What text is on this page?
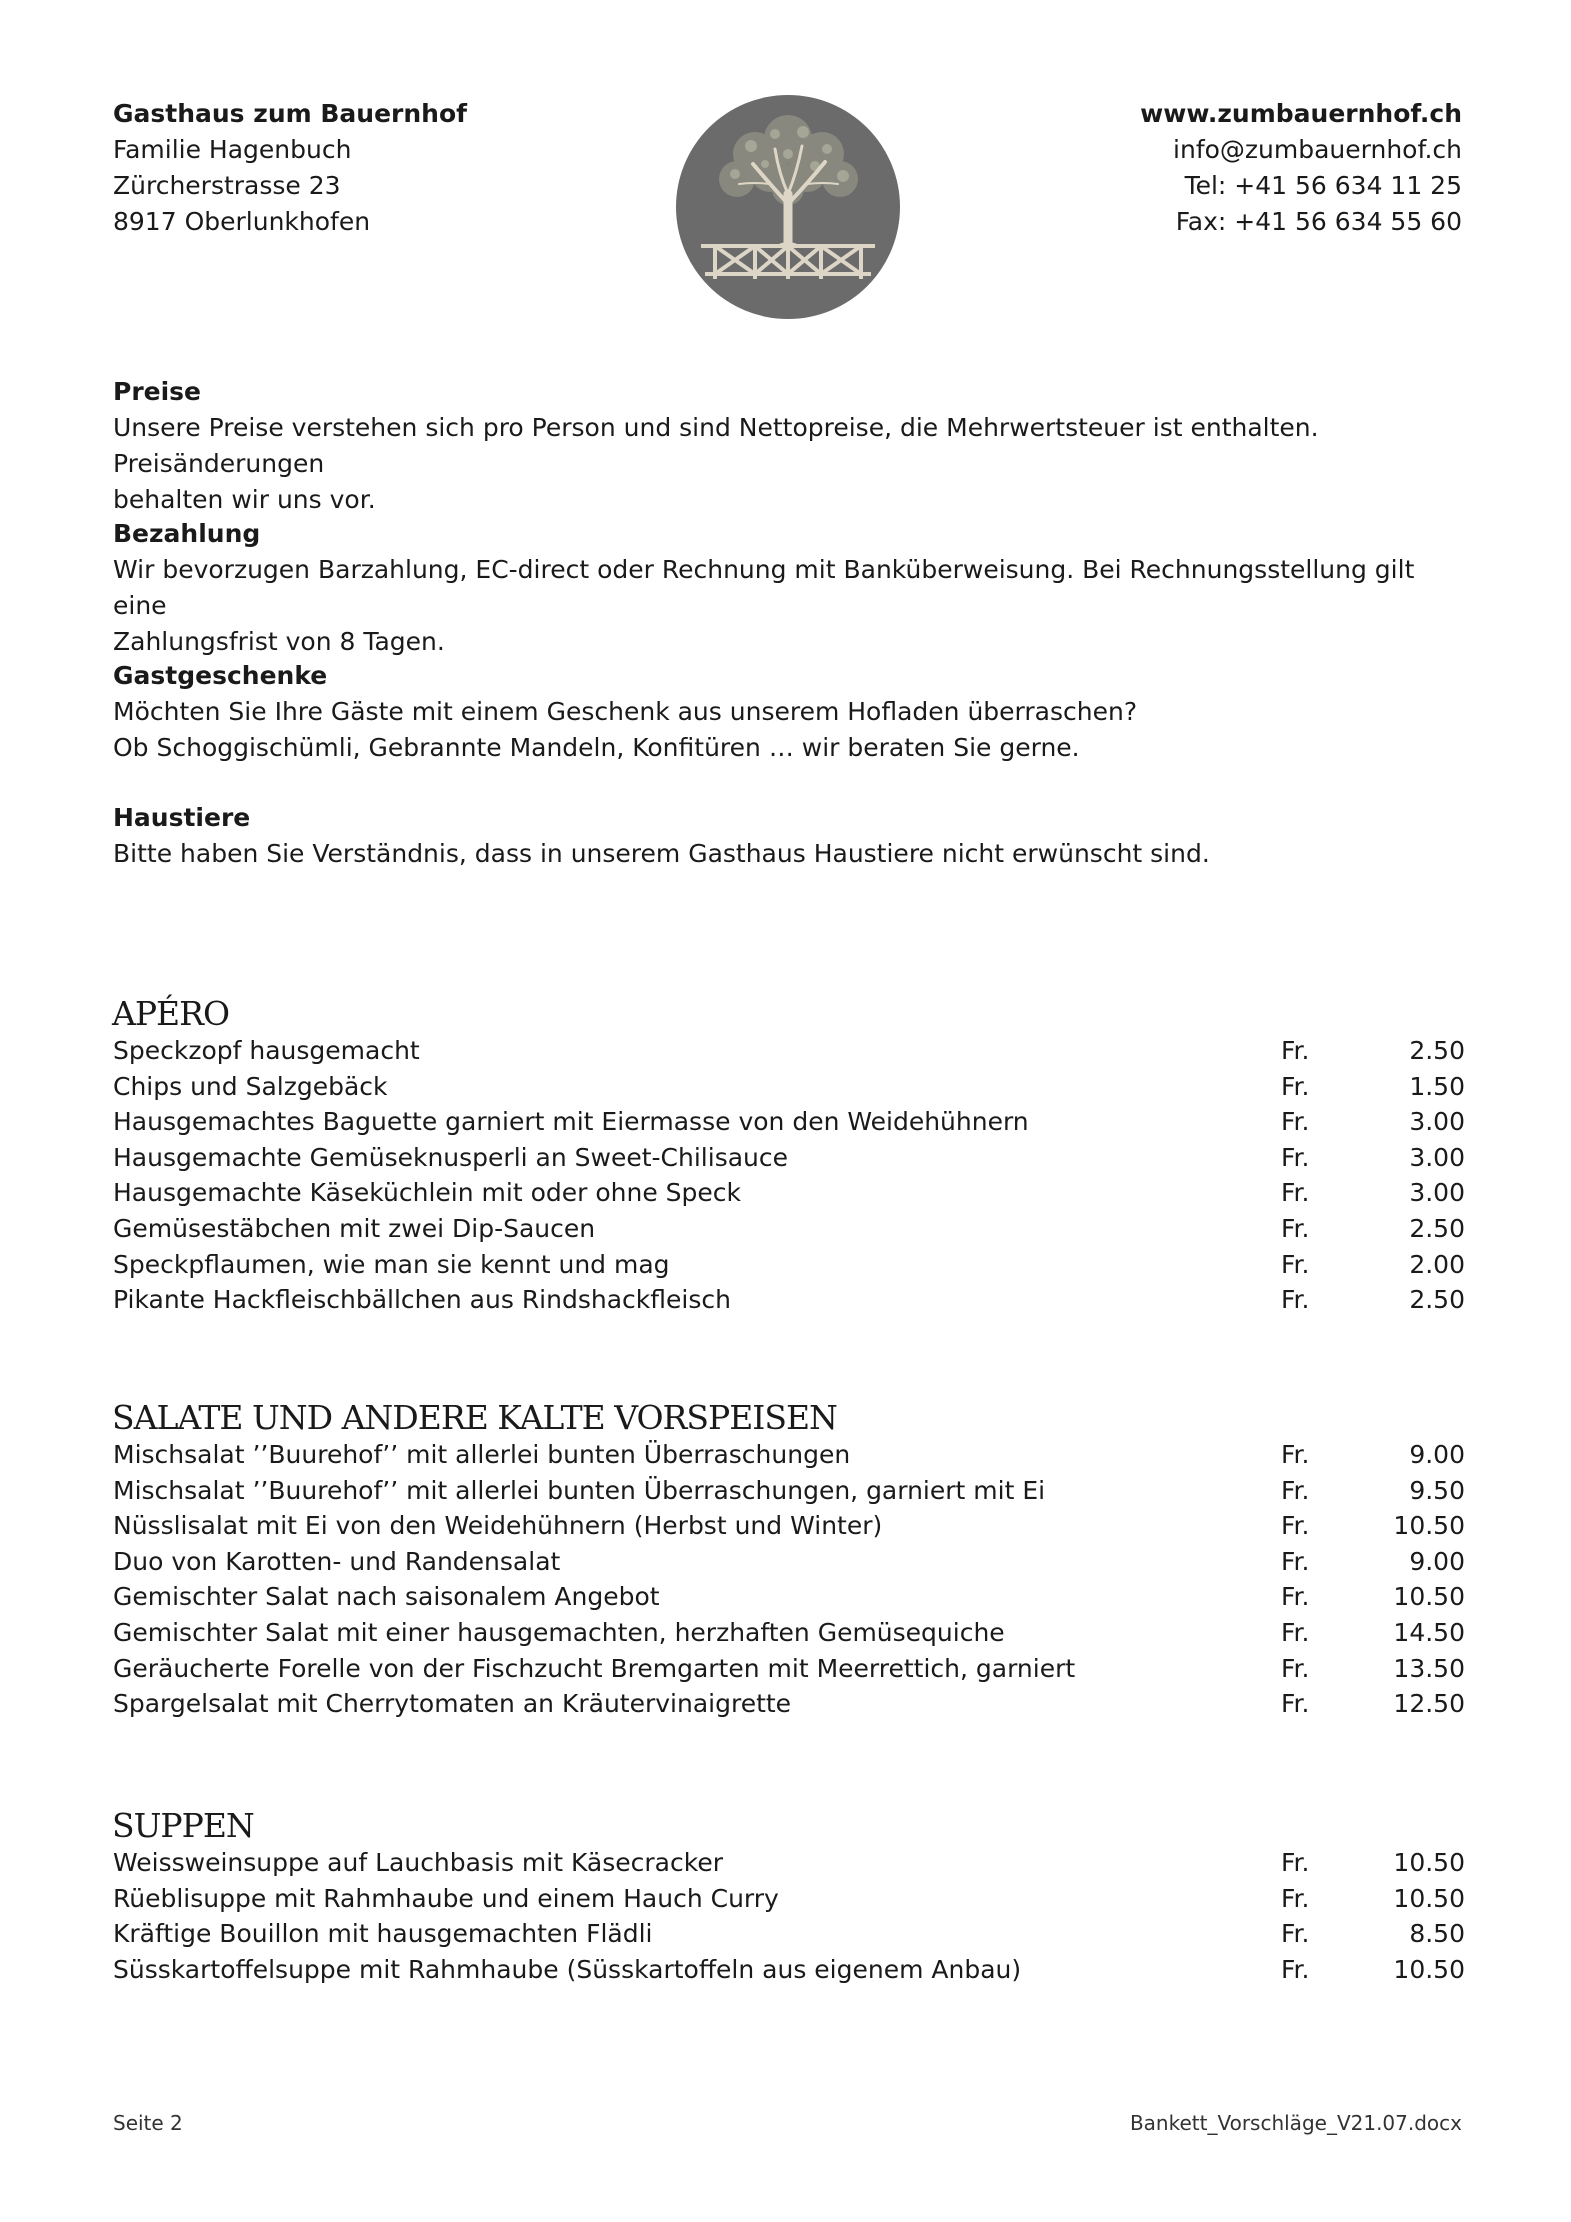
Gasthaus zum Bauernhof
Familie Hagenbuch
Zürcherstrasse 23
8917 Oberlunkhofen
www.zumbauernhof.ch
info@zumbauernhof.ch
Tel: +41 56 634 11 25
Fax: +41 56 634 55 60
Preise
Unsere Preise verstehen sich pro Person und sind Nettopreise, die Mehrwertsteuer ist enthalten. Preisänderungen
behalten wir uns vor.
Bezahlung
Wir bevorzugen Barzahlung, EC-direct oder Rechnung mit Banküberweisung. Bei Rechnungsstellung gilt eine
Zahlungsfrist von 8 Tagen.
Gastgeschenke
Möchten Sie Ihre Gäste mit einem Geschenk aus unserem Hofladen überraschen?
Ob Schoggischümli, Gebrannte Mandeln, Konfitüren … wir beraten Sie gerne.
Haustiere
Bitte haben Sie Verständnis, dass in unserem Gasthaus Haustiere nicht erwünscht sind.
APÉRO
Speckzopf hausgemacht	Fr.	2.50
Chips und Salzgebäck	Fr.	1.50
Hausgemachtes Baguette garniert mit Eiermasse von den Weidehühnern	Fr.	3.00
Hausgemachte Gemüseknusperli an Sweet-Chilisauce	Fr.	3.00
Hausgemachte Käseküchlein mit oder ohne Speck	Fr.	3.00
Gemüsestäbchen mit zwei Dip-Saucen	Fr.	2.50
Speckpflaumen, wie man sie kennt und mag	Fr.	2.00
Pikante Hackfleischbällchen aus Rindshackfleisch	Fr.	2.50
SALATE UND ANDERE KALTE VORSPEISEN
Mischsalat ’’Buurehof’’ mit allerlei bunten Überraschungen	Fr.	9.00
Mischsalat ’’Buurehof’’ mit allerlei bunten Überraschungen, garniert mit Ei	Fr.	9.50
Nüsslisalat mit Ei von den Weidehühnern (Herbst und Winter)	Fr.	10.50
Duo von Karotten- und Randensalat	Fr.	9.00
Gemischter Salat nach saisonalem Angebot	Fr.	10.50
Gemischter Salat mit einer hausgemachten, herzhaften Gemüsequiche	Fr.	14.50
Geräucherte Forelle von der Fischzucht Bremgarten mit Meerrettich, garniert	Fr.	13.50
Spargelsalat mit Cherrytomaten an Kräutervinaigrette	Fr.	12.50
SUPPEN
Weissweinsuppe auf Lauchbasis mit Käsecracker	Fr.	10.50
Rüeblisuppe mit Rahmhaube und einem Hauch Curry	Fr.	10.50
Kräftige Bouillon mit hausgemachten Flädli	Fr.	8.50
Süsskartoffelsuppe mit Rahmhaube (Süsskartoffeln aus eigenem Anbau)	Fr.	10.50
Seite 2	Bankett_Vorschläge_V21.07.docx
